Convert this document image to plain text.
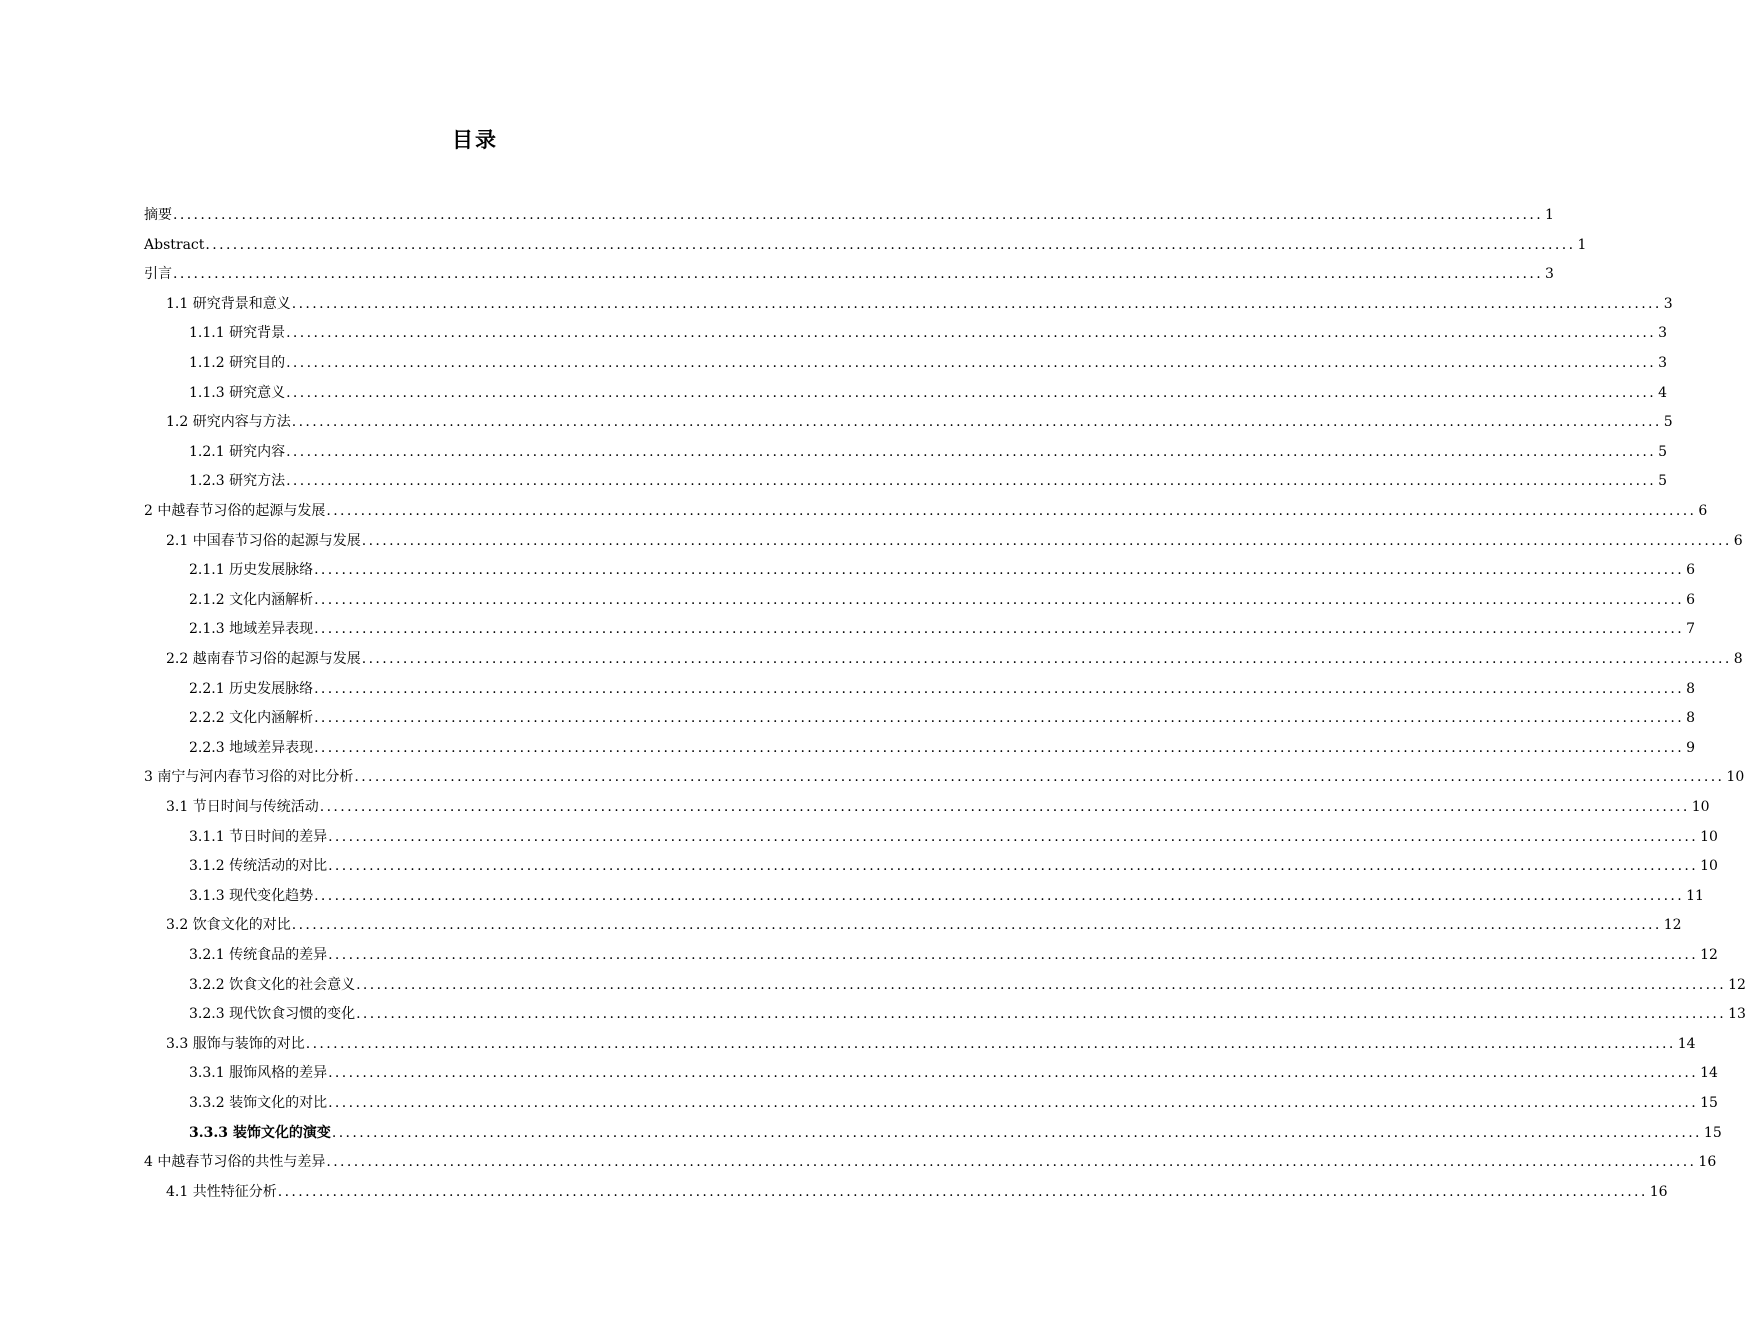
目录
摘要 ........................................................................................................................................................................................................ 1
Abstract ........................................................................................................................................................................................................ 1
引言 ........................................................................................................................................................................................................ 3
1.1 研究背景和意义 ........................................................................................................................................................................................................ 3
1.1.1 研究背景 ........................................................................................................................................................................................................ 3
1.1.2 研究目的 ........................................................................................................................................................................................................ 3
1.1.3 研究意义 ........................................................................................................................................................................................................ 4
1.2 研究内容与方法 ........................................................................................................................................................................................................ 5
1.2.1 研究内容 ........................................................................................................................................................................................................ 5
1.2.3 研究方法 ........................................................................................................................................................................................................ 5
2 中越春节习俗的起源与发展 ........................................................................................................................................................................................................ 6
2.1 中国春节习俗的起源与发展 ........................................................................................................................................................................................................ 6
2.1.1 历史发展脉络 ........................................................................................................................................................................................................ 6
2.1.2 文化内涵解析 ........................................................................................................................................................................................................ 6
2.1.3 地域差异表现 ........................................................................................................................................................................................................ 7
2.2 越南春节习俗的起源与发展 ........................................................................................................................................................................................................ 8
2.2.1 历史发展脉络 ........................................................................................................................................................................................................ 8
2.2.2 文化内涵解析 ........................................................................................................................................................................................................ 8
2.2.3 地域差异表现 ........................................................................................................................................................................................................ 9
3 南宁与河内春节习俗的对比分析 ........................................................................................................................................................................................................ 10
3.1 节日时间与传统活动 ........................................................................................................................................................................................................ 10
3.1.1 节日时间的差异 ........................................................................................................................................................................................................ 10
3.1.2 传统活动的对比 ........................................................................................................................................................................................................ 10
3.1.3 现代变化趋势 ........................................................................................................................................................................................................ 11
3.2 饮食文化的对比 ........................................................................................................................................................................................................ 12
3.2.1 传统食品的差异 ........................................................................................................................................................................................................ 12
3.2.2 饮食文化的社会意义 ........................................................................................................................................................................................................ 12
3.2.3 现代饮食习惯的变化 ........................................................................................................................................................................................................ 13
3.3 服饰与装饰的对比 ........................................................................................................................................................................................................ 14
3.3.1 服饰风格的差异 ........................................................................................................................................................................................................ 14
3.3.2 装饰文化的对比 ........................................................................................................................................................................................................ 15
3.3.3 装饰文化的演变 ........................................................................................................................................................................................................ 15
4 中越春节习俗的共性与差异 ........................................................................................................................................................................................................ 16
4.1 共性特征分析 ........................................................................................................................................................................................................ 16
